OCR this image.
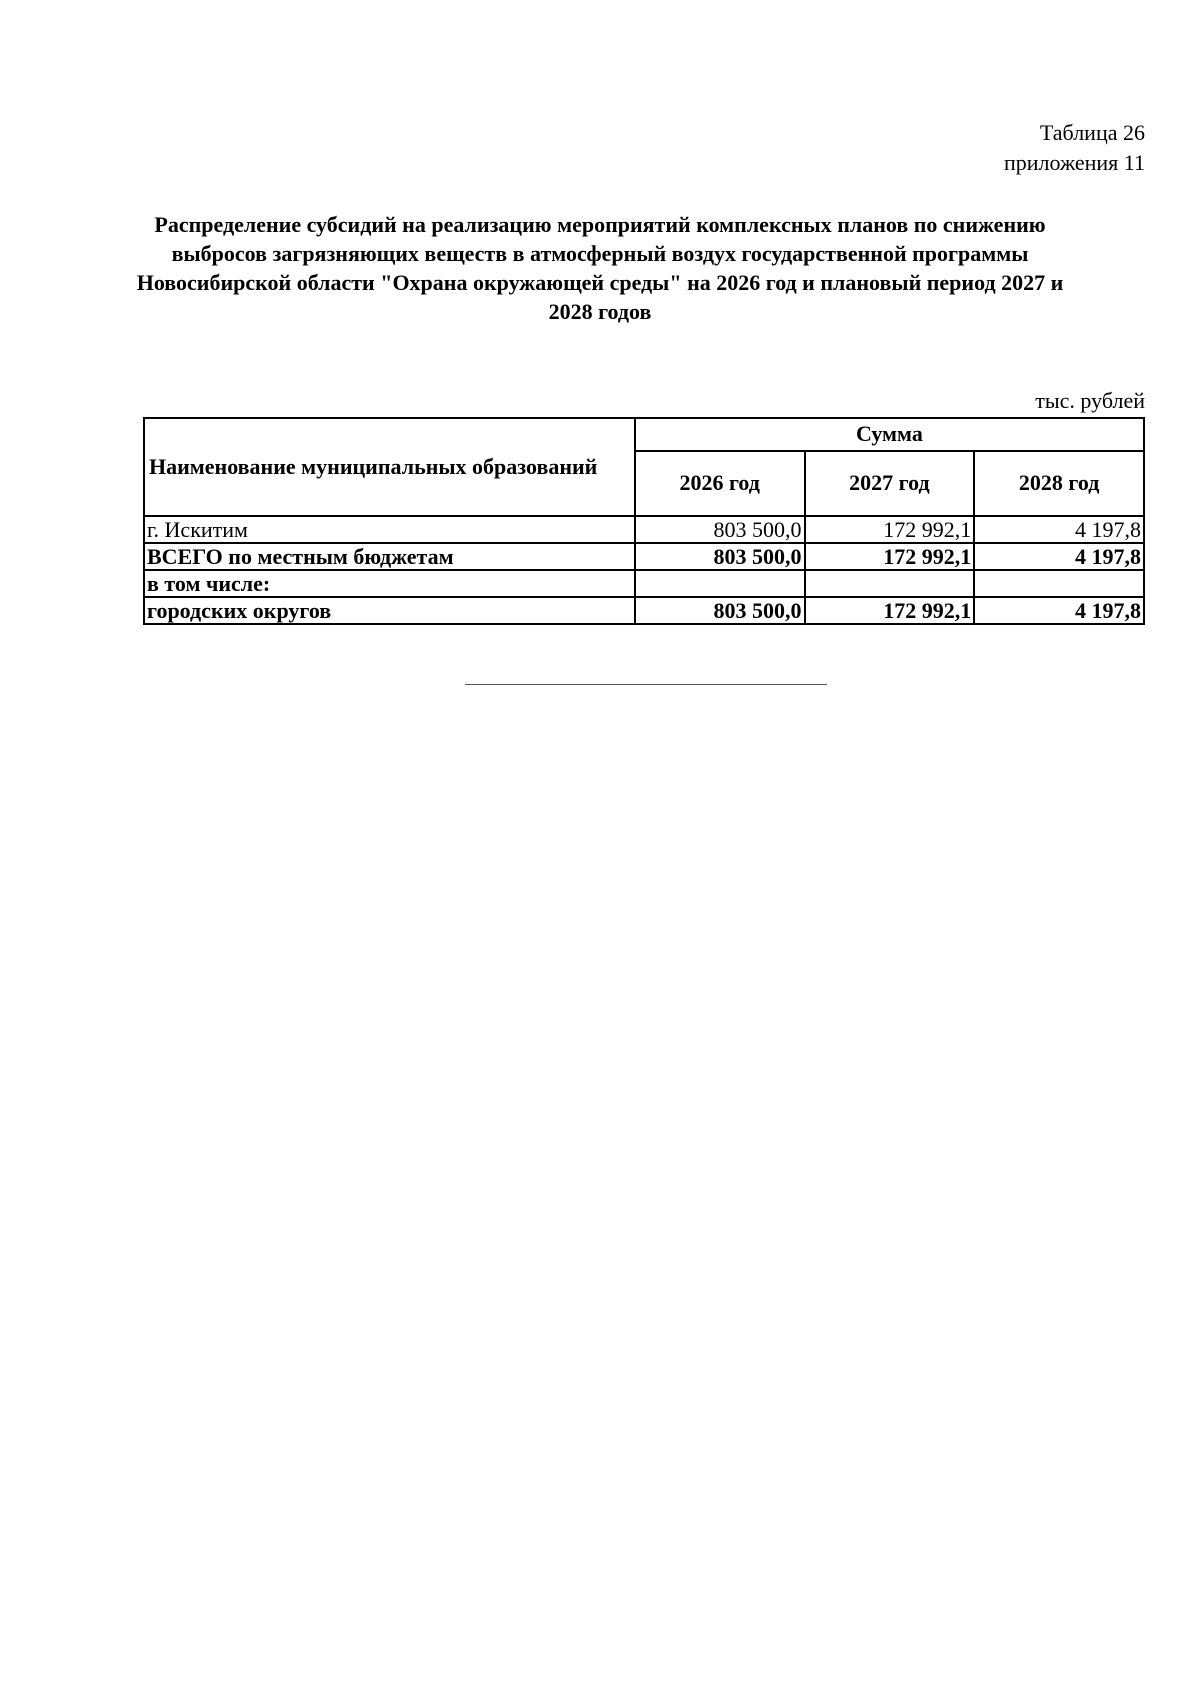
Таблица 26
приложения 11
Распределение субсидий на реализацию мероприятий комплексных планов по снижению
выбросов загрязняющих веществ в атмосферный воздух государственной программы
Новосибирской области "Охрана окружающей среды" на 2026 год и плановый период 2027 и
2028 годов
тыс. рублей
Наименование муниципальных образований	Сумма		
	2026 год	2027 год	2028 год
г. Искитим	803 500,0	172 992,1	4 197,8
ВСЕГО по местным бюджетам	803 500,0	172 992,1	4 197,8
в том числе:			
городских округов	803 500,0	172 992,1	4 197,8
